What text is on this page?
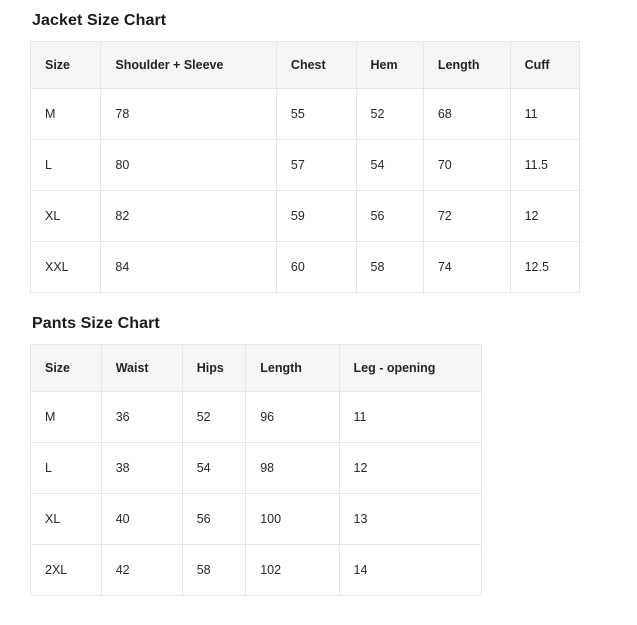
Jacket Size Chart
Size	Shoulder + Sleeve	Chest	Hem	Length	Cuff
M	78	55	52	68	11
L	80	57	54	70	11.5
XL	82	59	56	72	12
XXL	84	60	58	74	12.5
Pants Size Chart
Size	Waist	Hips	Length	Leg - opening
M	36	52	96	11
L	38	54	98	12
XL	40	56	100	13
2XL	42	58	102	14
